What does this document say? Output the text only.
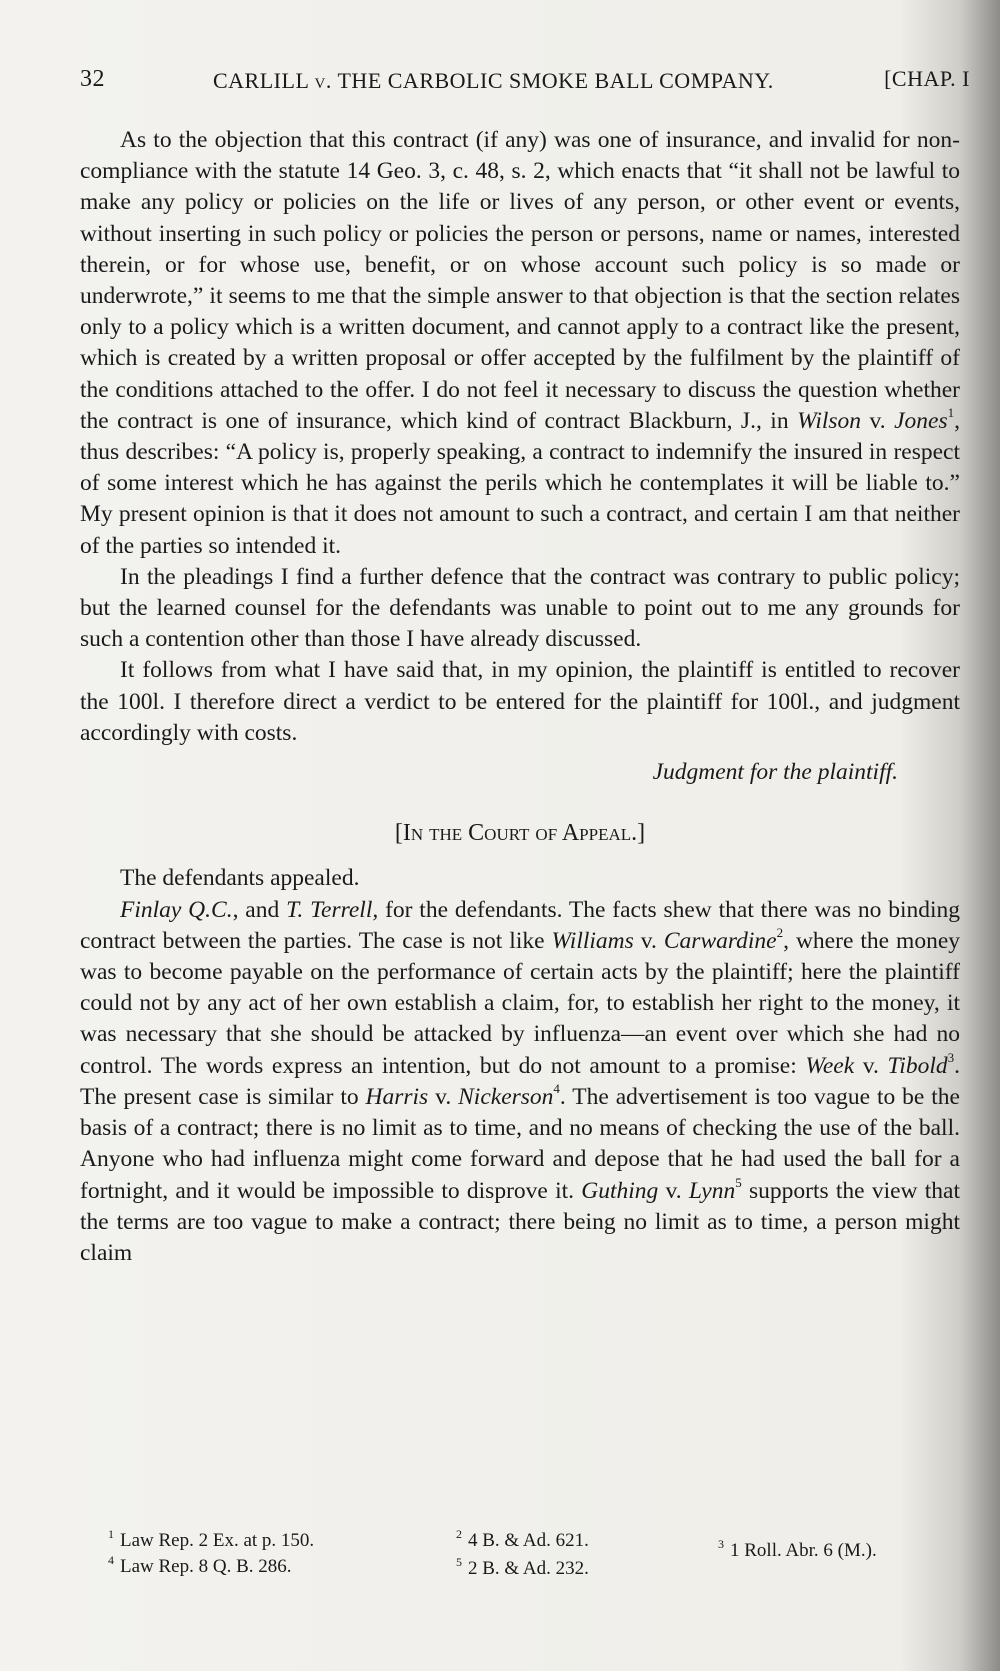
32	CARLILL v. THE CARBOLIC SMOKE BALL COMPANY.	[CHAP. I

As to the objection that this contract (if any) was one of insurance, and invalid for non-compliance with the statute 14 Geo. 3, c. 48, s. 2, which enacts that “it shall not be lawful to make any policy or policies on the life or lives of any person, or other event or events, without inserting in such policy or policies the person or persons, name or names, interested therein, or for whose use, benefit, or on whose account such policy is so made or underwrote,” it seems to me that the simple answer to that objection is that the section relates only to a policy which is a written document, and cannot apply to a contract like the present, which is created by a written proposal or offer accepted by the fulfilment by the plaintiff of the conditions attached to the offer. I do not feel it necessary to discuss the question whether the contract is one of insurance, which kind of contract Blackburn, J., in Wilson v. Jones$^1$, thus describes: “A policy is, properly speaking, a contract to indemnify the insured in respect of some interest which he has against the perils which he contemplates it will be liable to.” My present opinion is that it does not amount to such a contract, and certain I am that neither of the parties so intended it.

In the pleadings I find a further defence that the contract was contrary to public policy; but the learned counsel for the defendants was unable to point out to me any grounds for such a contention other than those I have already discussed.

It follows from what I have said that, in my opinion, the plaintiff is entitled to recover the 100l. I therefore direct a verdict to be entered for the plaintiff for 100l., and judgment accordingly with costs.

Judgment for the plaintiff.
[In the Court of Appeal.]

The defendants appealed.

Finlay Q.C., and T. Terrell, for the defendants. The facts shew that there was no binding contract between the parties. The case is not like Williams v. Carwardine$^2$, where the money was to become payable on the performance of certain acts by the plaintiff; here the plaintiff could not by any act of her own establish a claim, for, to establish her right to the money, it was necessary that she should be attacked by influenza—an event over which she had no control. The words express an intention, but do not amount to a promise: Week v. Tibold$^3$. The present case is similar to Harris v. Nickerson$^4$. The advertisement is too vague to be the basis of a contract; there is no limit as to time, and no means of checking the use of the ball. Anyone who had influenza might come forward and depose that he had used the ball for a fortnight, and it would be impossible to disprove it. Guthing v. Lynn$^5$ supports the view that the terms are too vague to make a contract; there being no limit as to time, a person might claim

$^1$ Law Rep. 2 Ex. at p. 150.	$^2$ 4 B. & Ad. 621.	$^3$ 1 Roll. Abr. 6 (M.).
$^4$ Law Rep. 8 Q. B. 286.	$^5$ 2 B. & Ad. 232.
